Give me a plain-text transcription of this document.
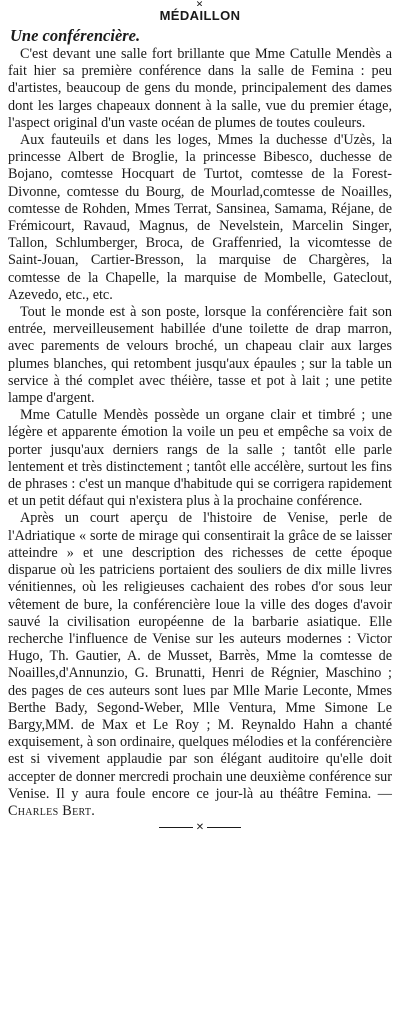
✕
MÉDAILLON
Une conférencière.

C'est devant une salle fort brillante que Mme Catulle Mendès a fait hier sa première conférence dans la salle de Femina : peu d'artistes, beaucoup de gens du monde, principalement des dames dont les larges chapeaux donnent à la salle, vue du premier étage, l'aspect original d'un vaste océan de plumes de toutes couleurs.

Aux fauteuils et dans les loges, Mmes la duchesse d'Uzès, la princesse Albert de Broglie, la princesse Bibesco, duchesse de Bojano, comtesse Hocquart de Turtot, comtesse de la Forest-Divonne, comtesse du Bourg, de Mourlad,comtesse de Noailles, comtesse de Rohden, Mmes Terrat, Sansinea, Samama, Réjane, de Frémicourt, Ravaud, Magnus, de Nevelstein, Marcelin Singer, Tallon, Schlumberger, Broca, de Graffenried, la vicomtesse de Saint-Jouan, Cartier-Bresson, la marquise de Chargères, la comtesse de la Chapelle, la marquise de Mombelle, Gateclout, Azevedo, etc., etc.

Tout le monde est à son poste, lorsque la conférencière fait son entrée, merveilleusement habillée d'une toilette de drap marron, avec parements de velours broché, un chapeau clair aux larges plumes blanches, qui retombent jusqu'aux épaules ; sur la table un service à thé complet avec théière, tasse et pot à lait ; une petite lampe d'argent.

Mme Catulle Mendès possède un organe clair et timbré ; une légère et apparente émotion la voile un peu et empêche sa voix de porter jusqu'aux derniers rangs de la salle ; tantôt elle parle lentement et très distinctement ; tantôt elle accélère, surtout les fins de phrases : c'est un manque d'habitude qui se corrigera rapidement et un petit défaut qui n'existera plus à la prochaine conférence.

Après un court aperçu de l'histoire de Venise, perle de l'Adriatique « sorte de mirage qui consentirait la grâce de se laisser atteindre » et une description des richesses de cette époque disparue où les patriciens portaient des souliers de dix mille livres vénitiennes, où les religieuses cachaient des robes d'or sous leur vêtement de bure, la conférencière loue la ville des doges d'avoir sauvé la civilisation européenne de la barbarie asiatique. Elle recherche l'influence de Venise sur les auteurs modernes : Victor Hugo, Th. Gautier, A. de Musset, Barrès, Mme la comtesse de Noailles,d'Annunzio, G. Brunatti, Henri de Régnier, Maschino ; des pages de ces auteurs sont lues par Mlle Marie Leconte, Mmes Berthe Bady, Segond-Weber, Mlle Ventura, Mme Simone Le Bargy,MM. de Max et Le Roy ; M. Reynaldo Hahn a chanté exquisement, à son ordinaire, quelques mélodies et la conférencière est si vivement applaudie par son élégant auditoire qu'elle doit accepter de donner mercredi prochain une deuxième conférence sur Venise. Il y aura foule encore ce jour-là au théâtre Femina. — Charles Bert.

✕
